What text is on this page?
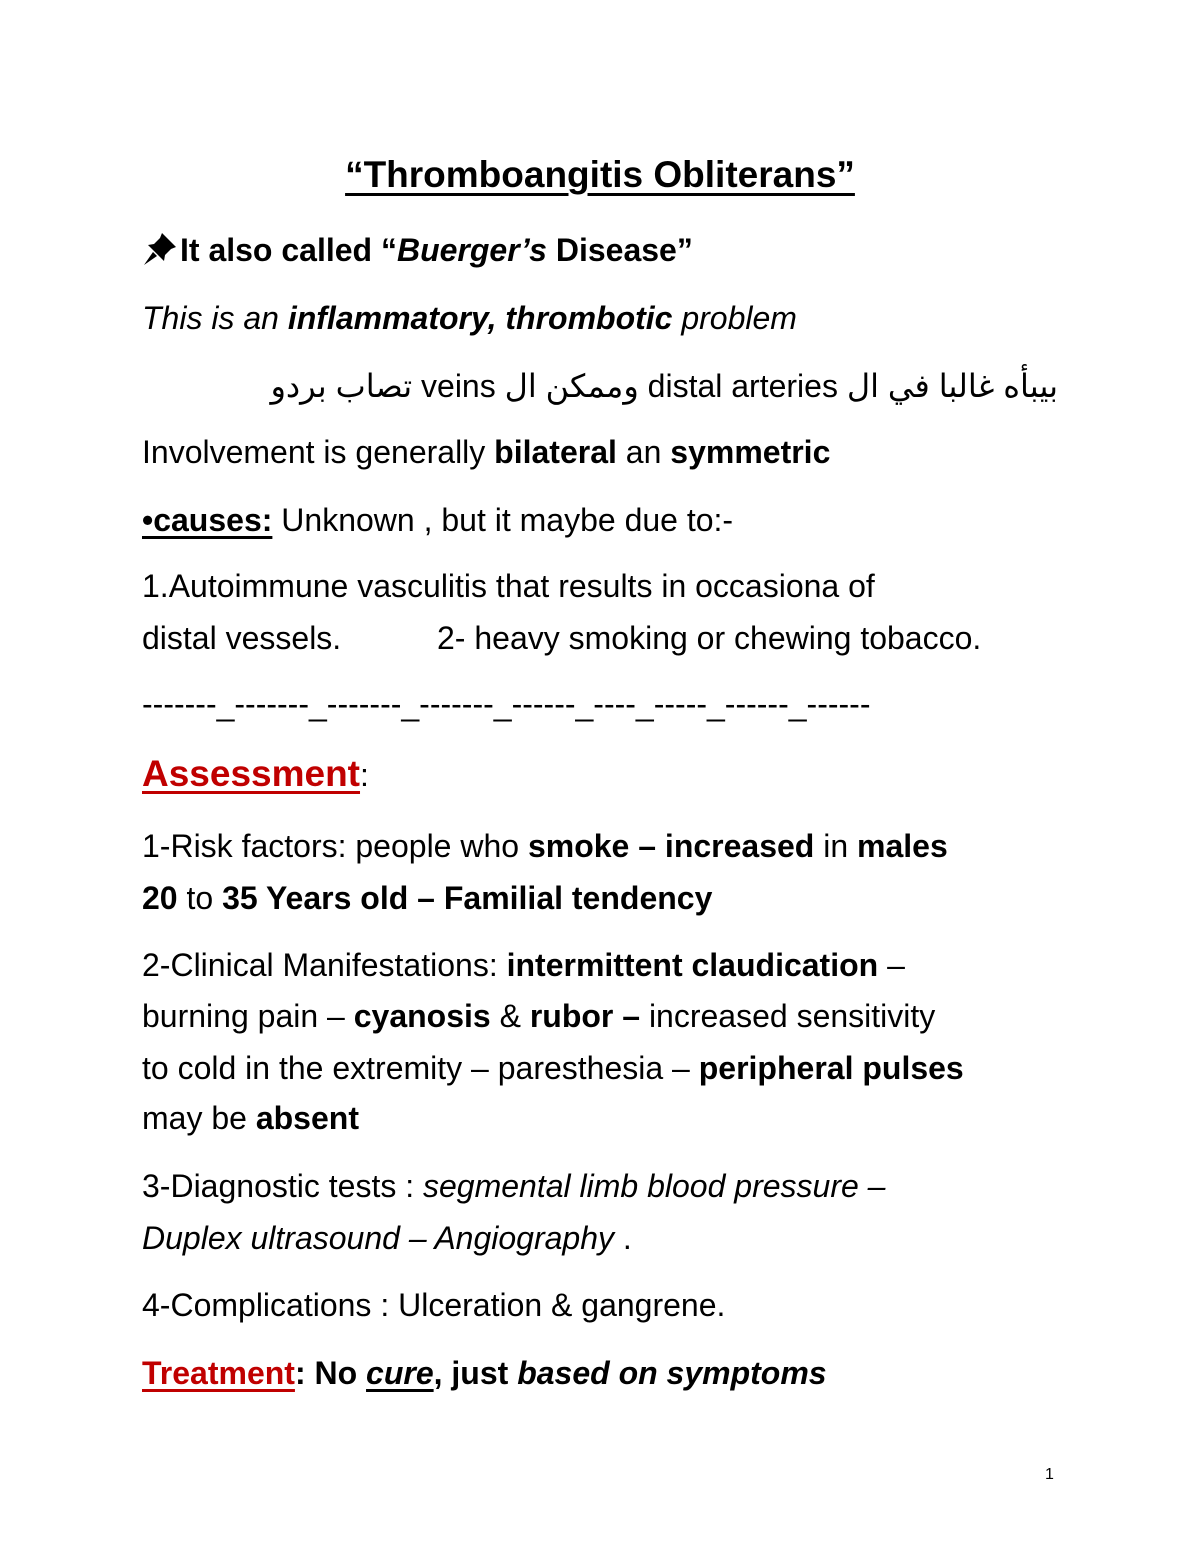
“Thromboangitis Obliterans”
It also called “Buerger’s Disease”
This is an inflammatory, thrombotic problem
بيبأه غالبا في ال distal arteries وممكن ال veins تصاب بردو
Involvement is generally bilateral an symmetric
•causes: Unknown , but it maybe due to:-
1.Autoimmune vasculitis that results in occasiona of
distal vessels.	2- heavy smoking or chewing tobacco.
-------_-------_-------_-------_------_----_-----_------_------
Assessment:
1-Risk factors: people who smoke – increased in males
20 to 35 Years old – Familial tendency
2-Clinical Manifestations: intermittent claudication –
burning pain – cyanosis & rubor – increased sensitivity
to cold in the extremity – paresthesia – peripheral pulses
may be absent
3-Diagnostic tests : segmental limb blood pressure –
Duplex ultrasound – Angiography .
4-Complications : Ulceration & gangrene.
Treatment: No cure, just based on symptoms
1
